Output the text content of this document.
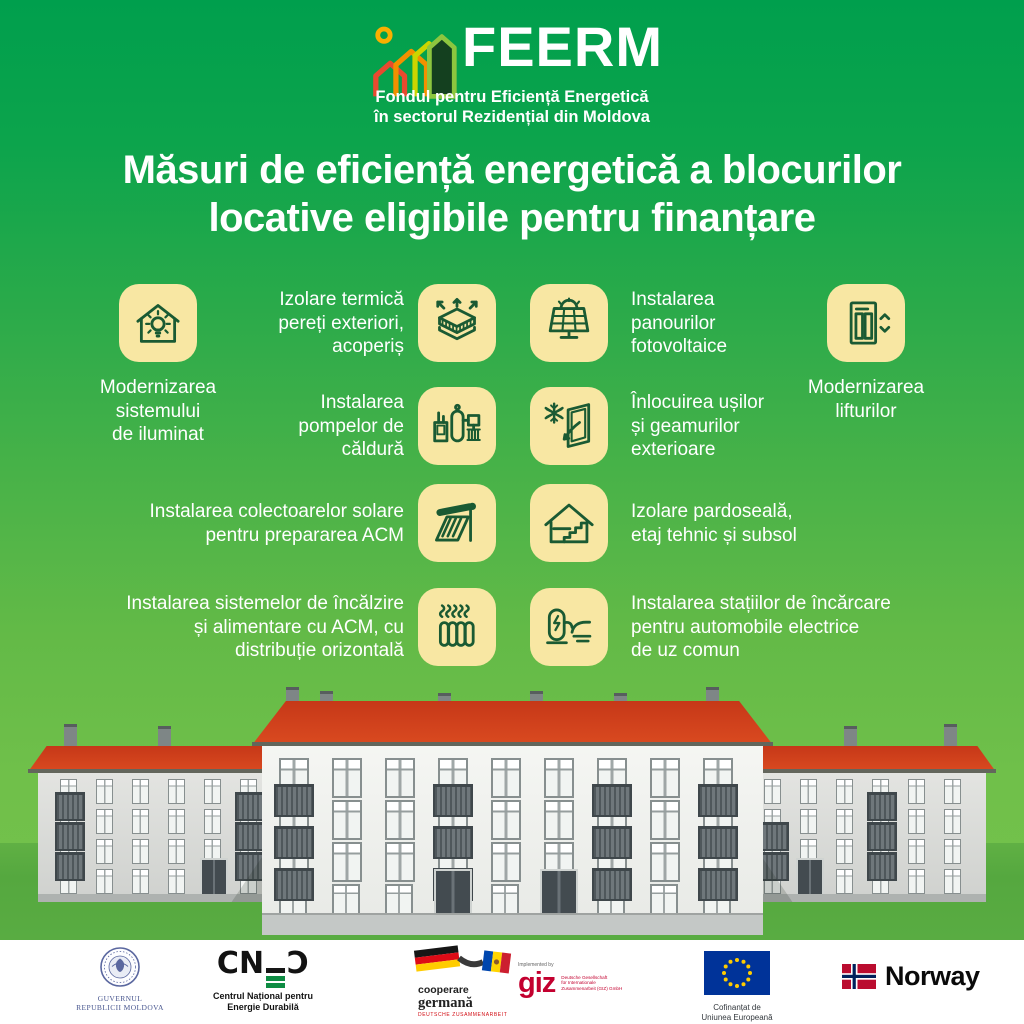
FEERM
Fondul pentru Eficiență Energetică
în sectorul Rezidențial din Moldova
Măsuri de eficiență energetică a blocurilor
locative eligibile pentru finanțare
Modernizarea
sistemului
de iluminat
Izolare termică
pereți exteriori,
acoperiș
Instalarea
panourilor
fotovoltaice
Modernizarea
lifturilor
Instalarea
pompelor de
căldură
Înlocuirea ușilor
și geamurilor
exterioare
Instalarea colectoarelor solare
pentru prepararea ACM
Izolare pardoseală,
etaj tehnic și subsol
Instalarea sistemelor de încălzire
și alimentare cu ACM, cu
distribuție orizontală
Instalarea stațiilor de încărcare
pentru automobile electrice
de uz comun
GUVERNUL
REPUBLICII MOLDOVA
CN Ɔ
Centrul Național pentru
Energie Durabilă
cooperare
germană
DEUTSCHE ZUSAMMENARBEIT
Implemented by
giz Deutsche Gesellschaft
für Internationale
Zusammenarbeit (GIZ) GmbH
Cofinanțat de
Uniunea Europeană
Norway
